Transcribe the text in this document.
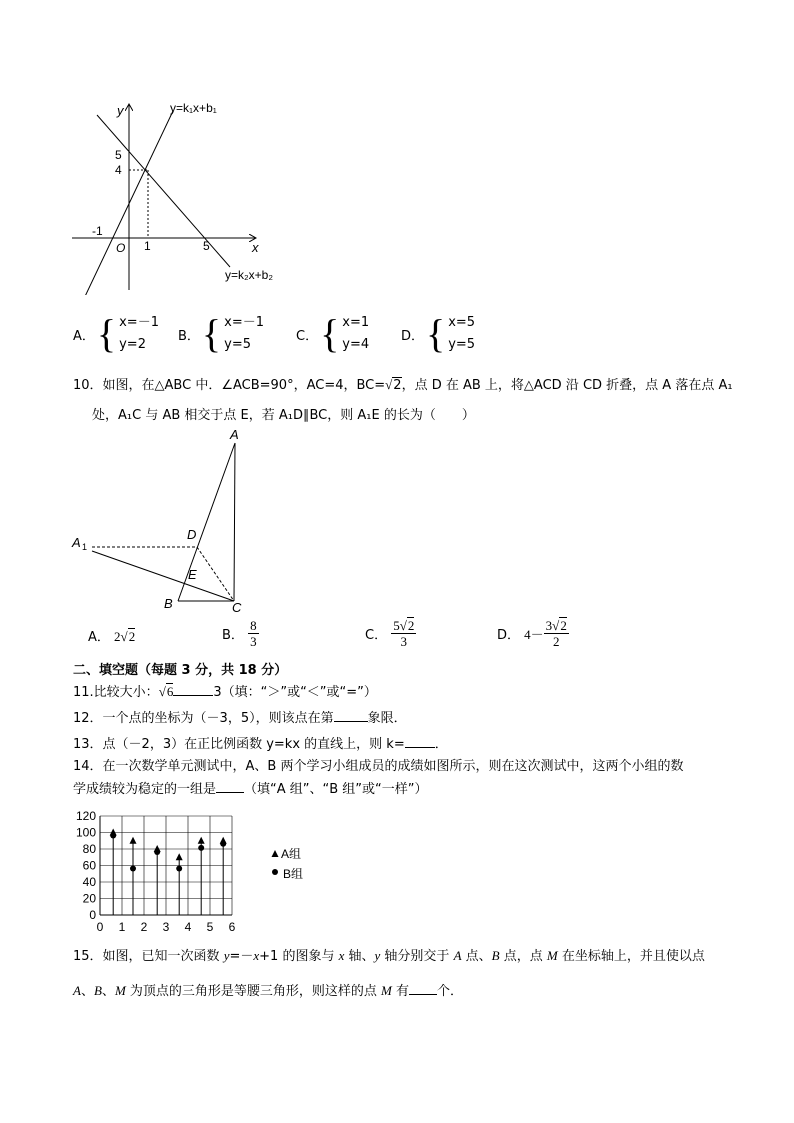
y
x
O
y=k₁x+b₁
y=k₂x+b₂
5
4
-1
1	5
A． { x=－1
y=2
B． { x=－1
y=5
C． { x=1
y=4
D． { x=5
y=5
10．如图，在△ABC 中．∠ACB=90°，AC=4，BC=√2，点 D 在 AB 上，将△ACD 沿 CD 折叠，点 A 落在点 A₁
处，A₁C 与 AB 相交于点 E，若 A₁D∥BC，则 A₁E 的长为（　　）
A
A 1
D
E
B	C
A． 2√2	B． $\frac{8}{3}$	C． $\frac{5√2}{3}$	D． $4- \frac{3√2}{2}$
二、填空题（每题 3 分，共 18 分）
11.比较大小：√6	3（填：“＞”或“＜”或“=”）
12．一个点的坐标为（－3，5），则该点在第	象限．
13．点（－2，3）在正比例函数 y=kx 的直线上，则 k= ．
14．在一次数学单元测试中，A、B 两个学习小组成员的成绩如图所示，则在这次测试中，这两个小组的数
学成绩较为稳定的一组是 （填“A 组”、“B 组”或“一样”）
0
20
40
60
80
100
120
0 1 2 3 4 5 6
A组
B组
15．如图，已知一次函数 y=－x+1 的图象与 x 轴、y 轴分别交于 A 点、B 点，点 M 在坐标轴上，并且使以点
A、B、M 为顶点的三角形是等腰三角形，则这样的点 M 有 个．
